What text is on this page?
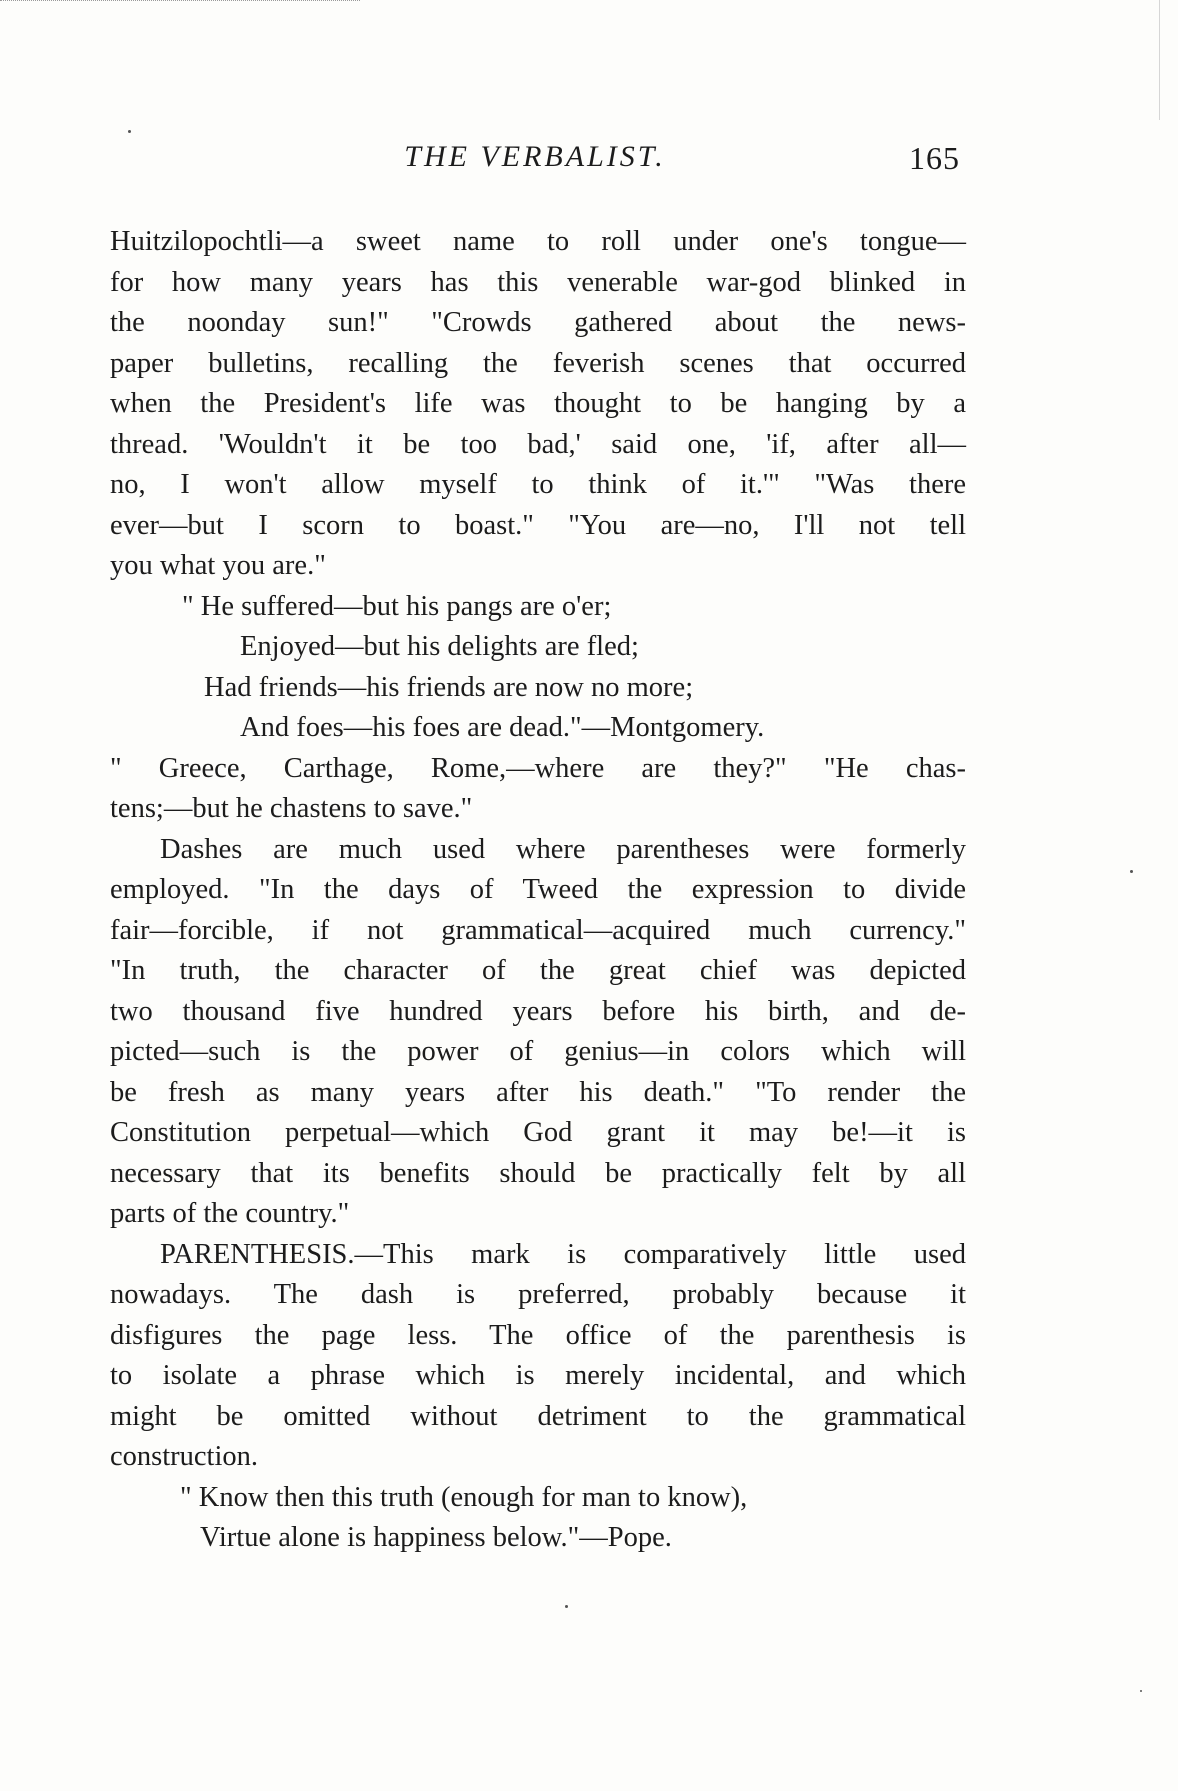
THE VERBALIST.	165
Huitzilopochtli—a sweet name to roll under one's tongue—
for how many years has this venerable war-god blinked in
the noonday sun!" "Crowds gathered about the news-
paper bulletins, recalling the feverish scenes that occurred
when the President's life was thought to be hanging by a
thread. 'Wouldn't it be too bad,' said one, 'if, after all—
no, I won't allow myself to think of it.'" "Was there
ever—but I scorn to boast." "You are—no, I'll not tell
you what you are."
" He suffered—but his pangs are o'er;
Enjoyed—but his delights are fled;
Had friends—his friends are now no more;
And foes—his foes are dead."—Montgomery.
" Greece, Carthage, Rome,—where are they?" "He chas-
tens;—but he chastens to save."
Dashes are much used where parentheses were formerly
employed. "In the days of Tweed the expression to divide
fair—forcible, if not grammatical—acquired much currency."
"In truth, the character of the great chief was depicted
two thousand five hundred years before his birth, and de-
picted—such is the power of genius—in colors which will
be fresh as many years after his death." "To render the
Constitution perpetual—which God grant it may be!—it is
necessary that its benefits should be practically felt by all
parts of the country."
PARENTHESIS.—This mark is comparatively little used
nowadays. The dash is preferred, probably because it
disfigures the page less. The office of the parenthesis is
to isolate a phrase which is merely incidental, and which
might be omitted without detriment to the grammatical
construction.
" Know then this truth (enough for man to know),
Virtue alone is happiness below."—Pope.
